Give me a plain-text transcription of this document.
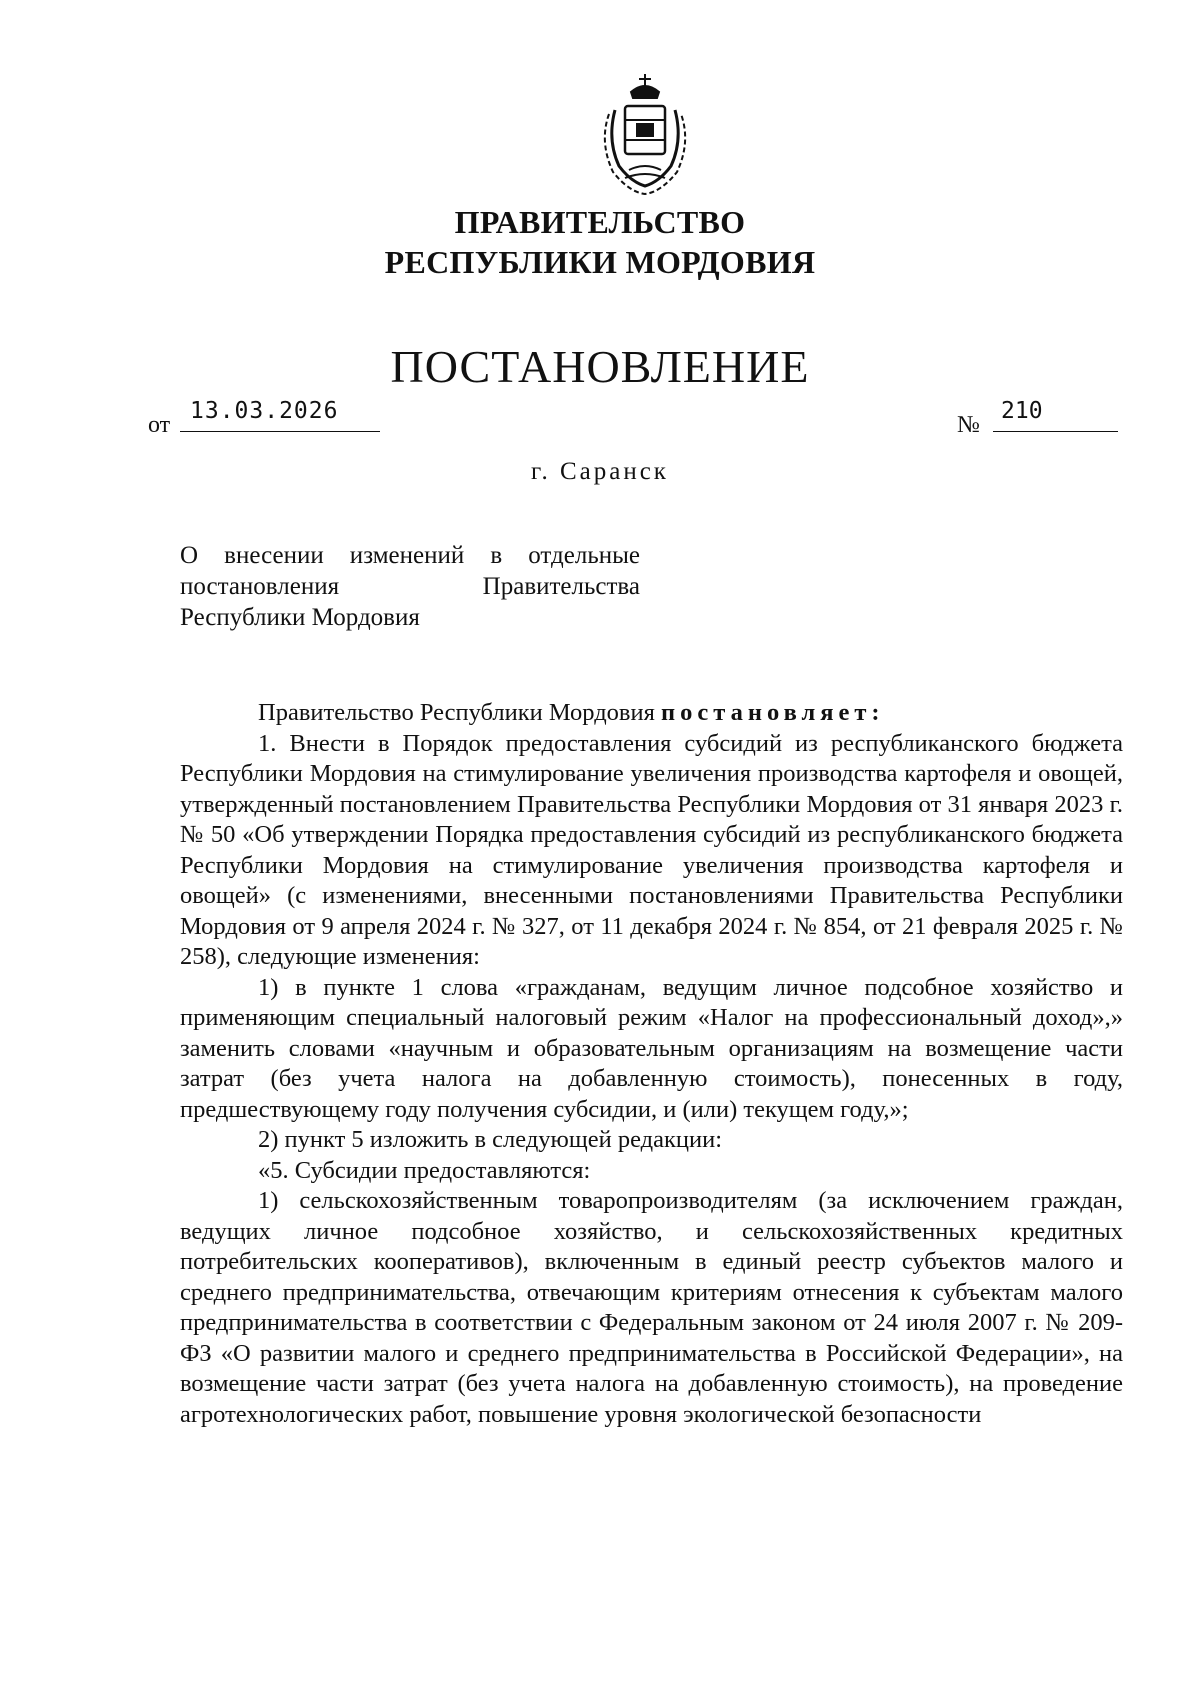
ПРАВИТЕЛЬСТВО
РЕСПУБЛИКИ МОРДОВИЯ
ПОСТАНОВЛЕНИЕ
от
13.03.2026
№
210
г. Саранск
О внесении изменений в отдельные
постановления Правительства
Республики Мордовия

Правительство Республики Мордовия постановляет:

1. Внести в Порядок предоставления субсидий из республиканского бюджета Республики Мордовия на стимулирование увеличения производства картофеля и овощей, утвержденный постановлением Правительства Республики Мордовия от 31 января 2023 г. № 50 «Об утверждении Порядка предоставления субсидий из республиканского бюджета Республики Мордовия на стимулирование увеличения производства картофеля и овощей» (с изменениями, внесенными постановлениями Правительства Республики Мордовия от 9 апреля 2024 г. № 327, от 11 декабря 2024 г. № 854, от 21 февраля 2025 г. № 258), следующие изменения:

1) в пункте 1 слова «гражданам, ведущим личное подсобное хозяйство и применяющим специальный налоговый режим «Налог на профессиональный доход»,» заменить словами «научным и образовательным организациям на возмещение части затрат (без учета налога на добавленную стоимость), понесенных в году, предшествующему году получения субсидии, и (или) текущем году,»;

2) пункт 5 изложить в следующей редакции:

«5. Субсидии предоставляются:

1) сельскохозяйственным товаропроизводителям (за исключением граждан, ведущих личное подсобное хозяйство, и сельскохозяйственных кредитных потребительских кооперативов), включенным в единый реестр субъектов малого и среднего предпринимательства, отвечающим критериям отнесения к субъектам малого предпринимательства в соответствии с Федеральным законом от 24 июля 2007 г. № 209-ФЗ «О развитии малого и среднего предпринимательства в Российской Федерации», на возмещение части затрат (без учета налога на добавленную стоимость), на проведение агротехнологических работ, повышение уровня экологической безопасности
